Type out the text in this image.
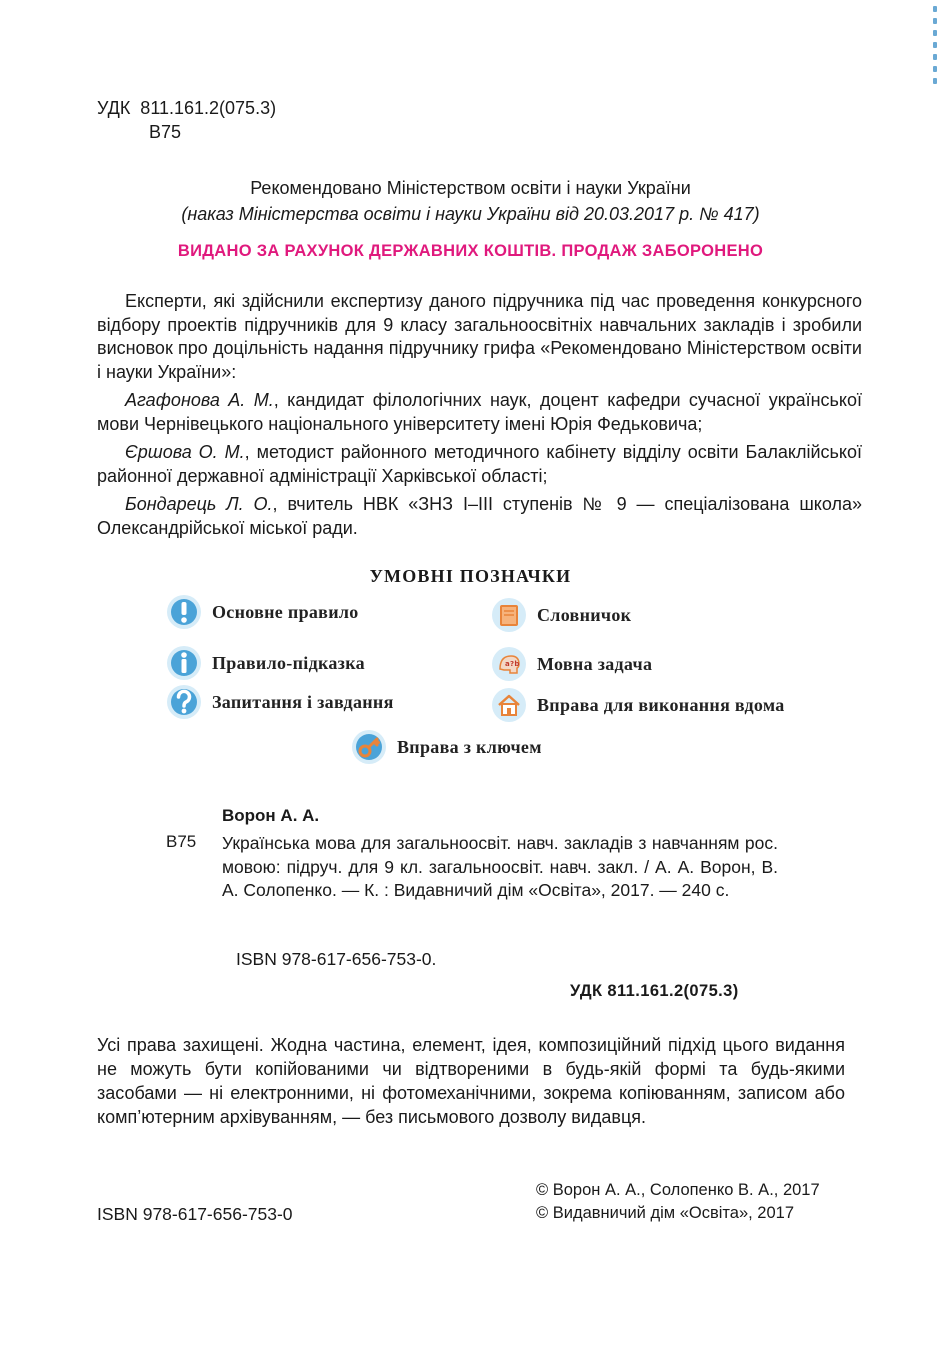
УДК  811.161.2(075.3)
В75
Рекомендовано Міністерством освіти і науки України
(наказ Міністерства освіти і науки України від 20.03.2017 р. № 417)
ВИДАНО ЗА РАХУНОК ДЕРЖАВНИХ КОШТІВ. ПРОДАЖ ЗАБОРОНЕНО

Експерти, які здійснили експертизу даного підручника під час проведення конкурсного відбору проектів підручників для 9 класу загальноосвітніх навчальних закладів і зробили висновок про доцільність надання підручнику грифа «Рекомендовано Міністерством освіти і науки України»:

Агафонова А. М., кандидат філологічних наук, доцент кафедри сучасної української мови Чернівецького національного університету імені Юрія Федьковича;

Єршова О. М., методист районного методичного кабінету відділу освіти Балаклійської районної державної адміністрації Харківської області;

Бондарець Л. О., вчитель НВК «ЗНЗ І–ІІІ ступенів № 9 — спеціалізована школа» Олександрійської міської ради.

УМОВНІ ПОЗНАЧКИ
Основне правило
Правило-підказка
Запитання і завдання
Словничок
a?b Мовна задача
Вправа для виконання вдома
Вправа з ключем
Ворон А. А.
В75 Українська мова для загальноосвіт. навч. закладів з навчанням рос. мовою: підруч. для 9 кл. загальноосвіт. навч. закл. / А. А. Ворон, В. А. Солопенко. — К. : Видавничий дім «Освіта», 2017. — 240 с.
ISBN 978-617-656-753-0.
УДК 811.161.2(075.3)
Усі права захищені. Жодна частина, елемент, ідея, композиційний підхід цього видання не можуть бути копійованими чи відтвореними в будь-якій формі та будь-якими засобами — ні електронними, ні фотомеханічними, зокрема копіюванням, записом або комп’ютерним архівуванням, — без письмового дозволу видавця.
© Ворон А. А., Солопенко В. А., 2017
© Видавничий дім «Освіта», 2017
ISBN 978-617-656-753-0
